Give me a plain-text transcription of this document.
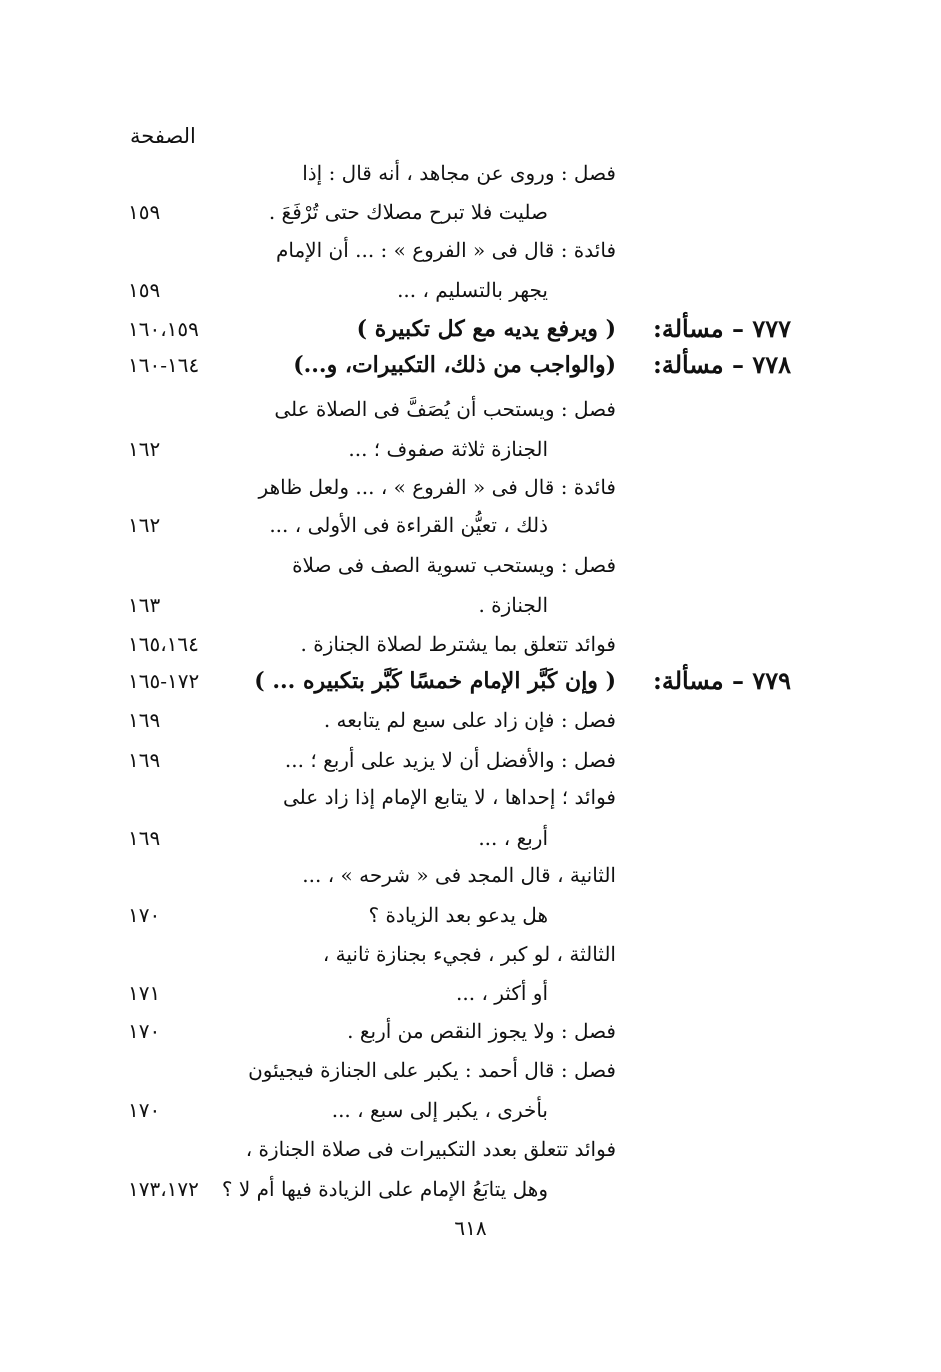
الصفحة
فصل : وروى عن مجاهد ، أنه قال : إذا
صليت فلا تبرح مصلاك حتى تُرْفَعَ .
١٥٩
فائدة : قال فى « الفروع » : ... أن الإمام
يجهر بالتسليم ، ...
١٥٩
٧٧٧ – مسألة:
( ويرفع يديه مع كل تكبيرة )
١٦٠،١٥٩
٧٧٨ – مسألة:
(والواجب من ذلك، التكبيرات، و...)
١٦٤-١٦٠
فصل : ويستحب أن يُصَفَّ فى الصلاة على
الجنازة ثلاثة صفوف ؛ ...
١٦٢
فائدة : قال فى « الفروع » ، ... ولعل ظاهر
ذلك ، تعيُّن القراءة فى الأولى ، ...
١٦٢
فصل : ويستحب تسوية الصف فى صلاة
الجنازة .
١٦٣
فوائد تتعلق بما يشترط لصلاة الجنازة .
١٦٥،١٦٤
٧٧٩ – مسألة:
( وإن كَبَّر الإمام خمسًا كَبَّر بتكبيره ... )
١٧٢-١٦٥
فصل : فإن زاد على سبع لم يتابعه .
١٦٩
فصل : والأفضل أن لا يزيد على أربع ؛ ...
١٦٩
فوائد ؛ إحداها ، لا يتابع الإمام إذا زاد على
أربع ، ...
١٦٩
الثانية ، قال المجد فى « شرحه » ، ...
هل يدعو بعد الزيادة ؟
١٧٠
الثالثة ، لو كبر ، فجيء بجنازة ثانية ،
أو أكثر ، ...
١٧١
فصل : ولا يجوز النقص من أربع .
١٧٠
فصل : قال أحمد : يكبر على الجنازة فيجيئون
بأخرى ، يكبر إلى سبع ، ...
١٧٠
فوائد تتعلق بعدد التكبيرات فى صلاة الجنازة ،
وهل يتابَعُ الإمام على الزيادة فيها أم لا ؟
١٧٣،١٧٢
٦١٨
